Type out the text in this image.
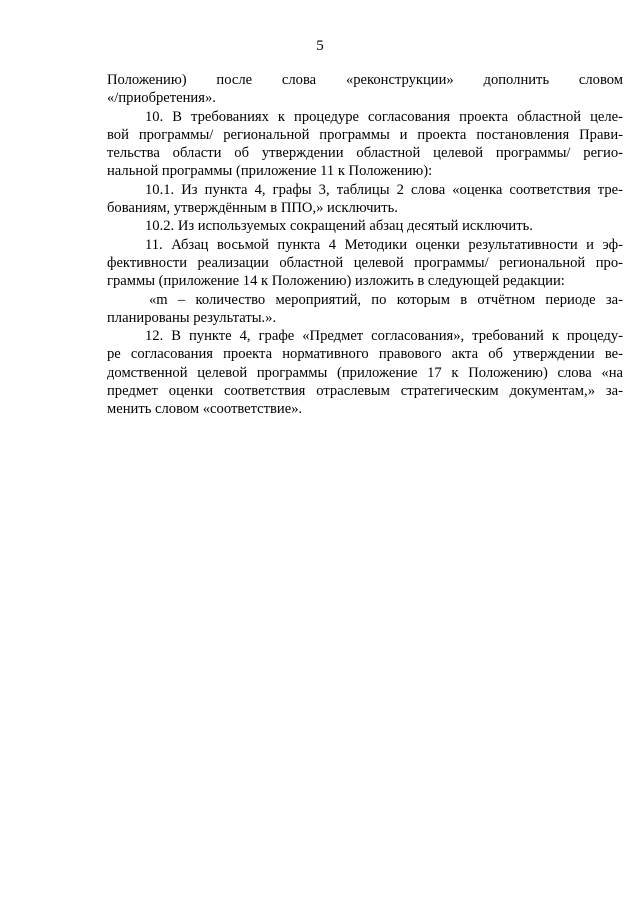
5
Положению) после слова «реконструкции» дополнить словом
«/приобретения».
10. В требованиях к процедуре согласования проекта областной целе-
вой программы/ региональной программы и проекта постановления Прави-
тельства области об утверждении областной целевой программы/ регио-
нальной программы (приложение 11 к Положению):
10.1. Из пункта 4, графы 3, таблицы 2 слова «оценка соответствия тре-
бованиям, утверждённым в ППО,» исключить.
10.2. Из используемых сокращений абзац десятый исключить.
11. Абзац восьмой пункта 4 Методики оценки результативности и эф-
фективности реализации областной целевой программы/ региональной про-
граммы (приложение 14 к Положению) изложить в следующей редакции:
«m – количество мероприятий, по которым в отчётном периоде за-
планированы результаты.».
12. В пункте 4, графе «Предмет согласования», требований к процеду-
ре согласования проекта нормативного правового акта об утверждении ве-
домственной целевой программы (приложение 17 к Положению) слова «на
предмет оценки соответствия отраслевым стратегическим документам,» за-
менить словом «соответствие».
